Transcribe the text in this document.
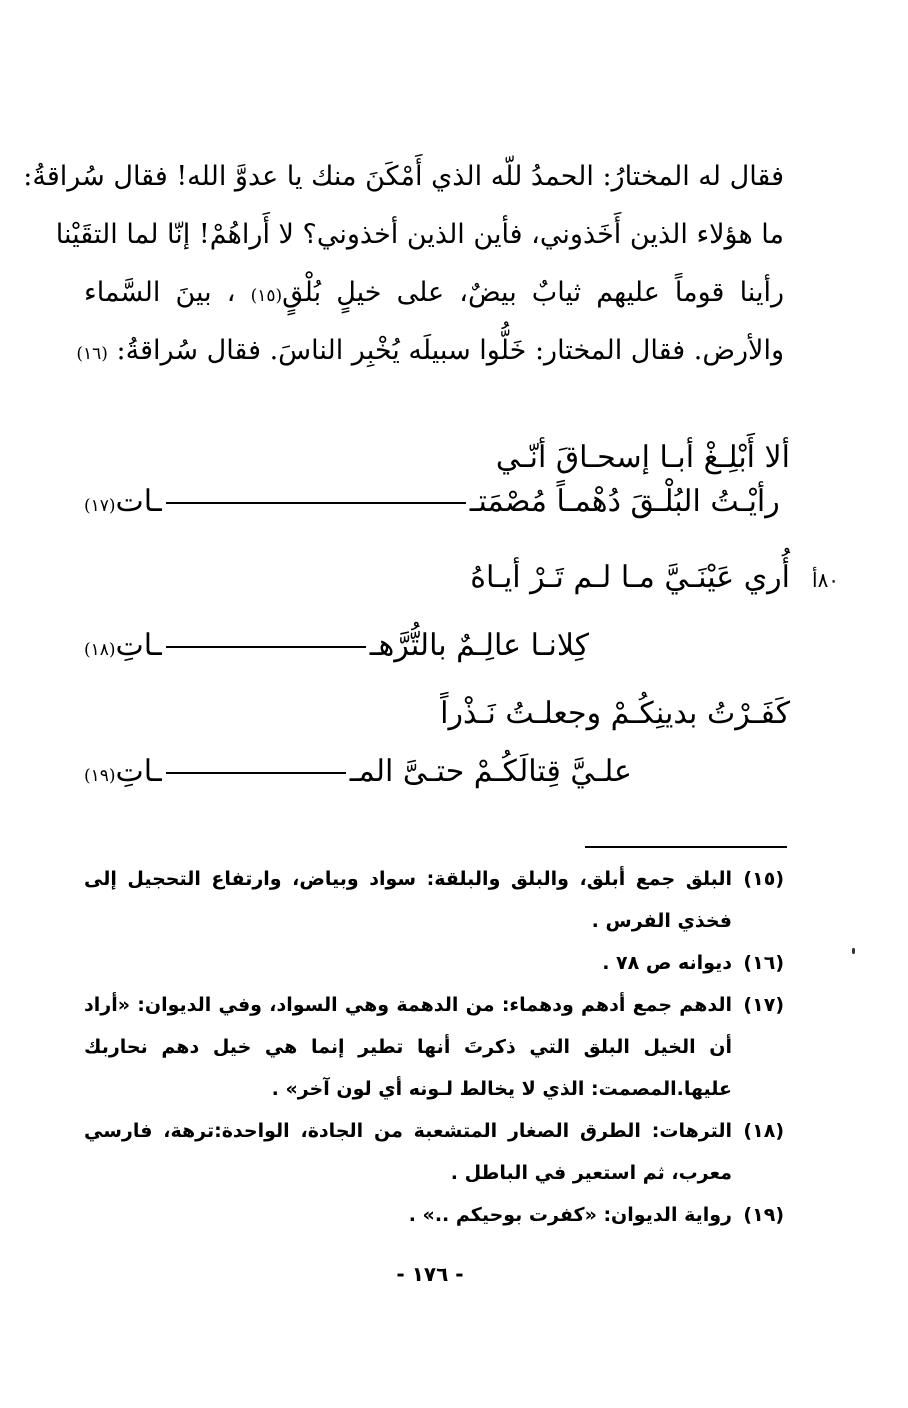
فقال له المختارُ: الحمدُ للّه الذي أَمْكَنَ منك يا عدوَّ الله! فقال سُراقةُ:
ما هؤلاء الذين أَخَذوني، فأين الذين أخذوني؟ لا أَراهُمْ! إنّا لما التقَيْنا
رأينا قوماً عليهم ثيابٌ بيضٌ، على خيلٍ بُلْقٍ(١٥) ، بينَ السَّماء
والأرض. فقال المختار: خَلُّوا سبيلَه يُخْبِر الناسَ. فقال سُراقةُ: (١٦)
ألا أَبْلِـغْ أبـا إسحـاقَ أنّـي
رأيْـتُ البُلْـقَ دُهْمـاً مُصْمَتــات(١٧)
٨٠أ
أُري عَيْنَـيَّ مـا لـم تَـرْ أيـاهُ
كِلانـا عالِـمٌ بالتُّرَّهــاتِ(١٨)
كَفَـرْتُ بدينِكُـمْ وجعلـتُ نَـذْراً
علـيَّ قِتالَكُـمْ حتـىَّ المــاتِ(١٩)
(١٥)
البلق جمع أبلق، والبلق والبلقة: سواد وبياض، وارتفاع التحجيل إلى فخذي الفرس .
(١٦)
ديوانه ص ٧٨ .
(١٧)
الدهم جمع أدهم ودهماء: من الدهمة وهي السواد، وفي الديوان: «أراد أن الخيل البلق التي ذكرتَ أنها تطير إنما هي خيل دهم نحاربك عليها.المصمت: الذي لا يخالط لـونه أي لون آخر» .
(١٨)
الترهات: الطرق الصغار المتشعبة من الجادة، الواحدة:ترهة، فارسي معرب، ثم استعير في الباطل .
(١٩)
رواية الديوان: «كفرت بوحيكم ..» .
- ١٧٦ -
